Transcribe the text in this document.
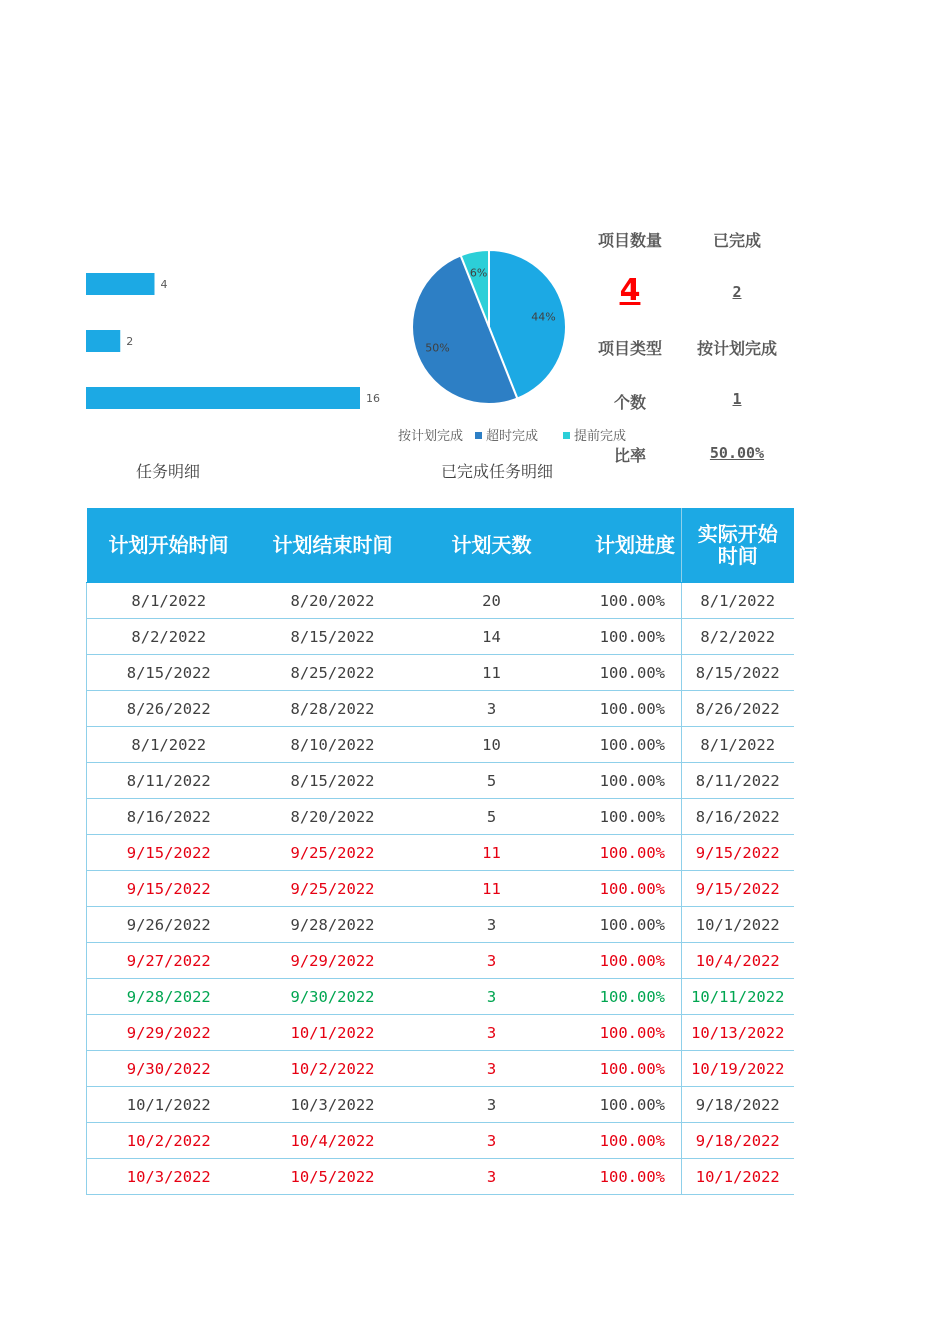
4
2
16
任务明细
44%
50%
6%
按计划完成 超时完成	提前完成
已完成任务明细
项目数量	已完成
4	2
项目类型	按计划完成
个数	1
比率	50.00%
计划开始时间	计划结束时间	计划天数	计划进度	实际开始
时间

8/1/2022	8/20/2022	20	100.00%	8/1/2022
8/2/2022	8/15/2022	14	100.00%	8/2/2022
8/15/2022	8/25/2022	11	100.00%	8/15/2022
8/26/2022	8/28/2022	3	100.00%	8/26/2022
8/1/2022	8/10/2022	10	100.00%	8/1/2022
8/11/2022	8/15/2022	5	100.00%	8/11/2022
8/16/2022	8/20/2022	5	100.00%	8/16/2022
9/15/2022	9/25/2022	11	100.00%	9/15/2022
9/15/2022	9/25/2022	11	100.00%	9/15/2022
9/26/2022	9/28/2022	3	100.00%	10/1/2022
9/27/2022	9/29/2022	3	100.00%	10/4/2022
9/28/2022	9/30/2022	3	100.00%	10/11/2022
9/29/2022	10/1/2022	3	100.00%	10/13/2022
9/30/2022	10/2/2022	3	100.00%	10/19/2022
10/1/2022	10/3/2022	3	100.00%	9/18/2022
10/2/2022	10/4/2022	3	100.00%	9/18/2022
10/3/2022	10/5/2022	3	100.00%	10/1/2022
